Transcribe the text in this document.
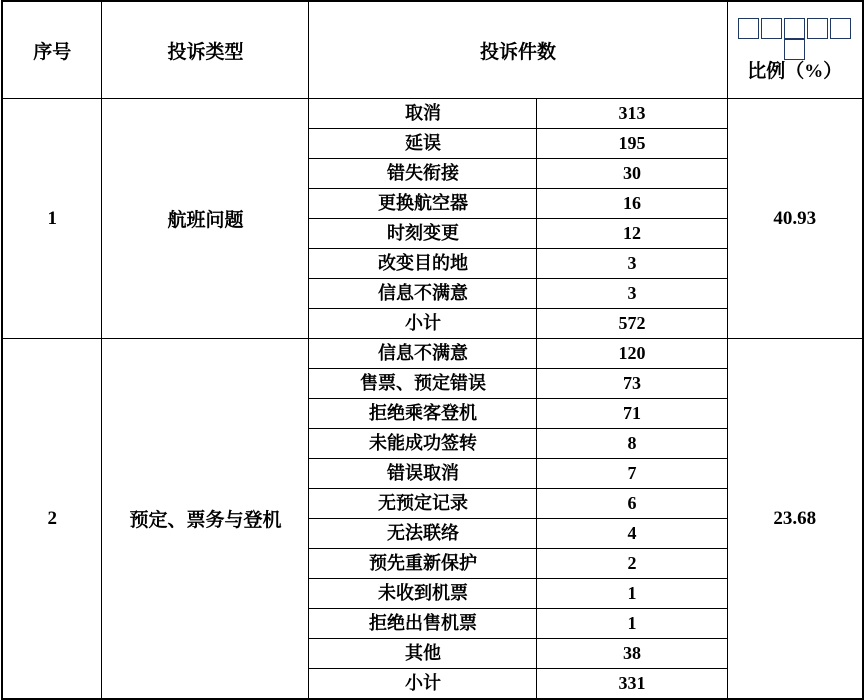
序号	投诉类型	投诉件数		比例（%）

1	航班问题	取消	313	40.93
		延误	195	
		错失衔接	30	
		更换航空器	16	
		时刻变更	12	
		改变目的地	3	
		信息不满意	3	
		小计	572	
2	预定、票务与登机	信息不满意	120	23.68
		售票、预定错误	73	
		拒绝乘客登机	71	
		未能成功签转	8	
		错误取消	7	
		无预定记录	6	
		无法联络	4	
		预先重新保护	2	
		未收到机票	1	
		拒绝出售机票	1	
		其他	38	
		小计	331	
